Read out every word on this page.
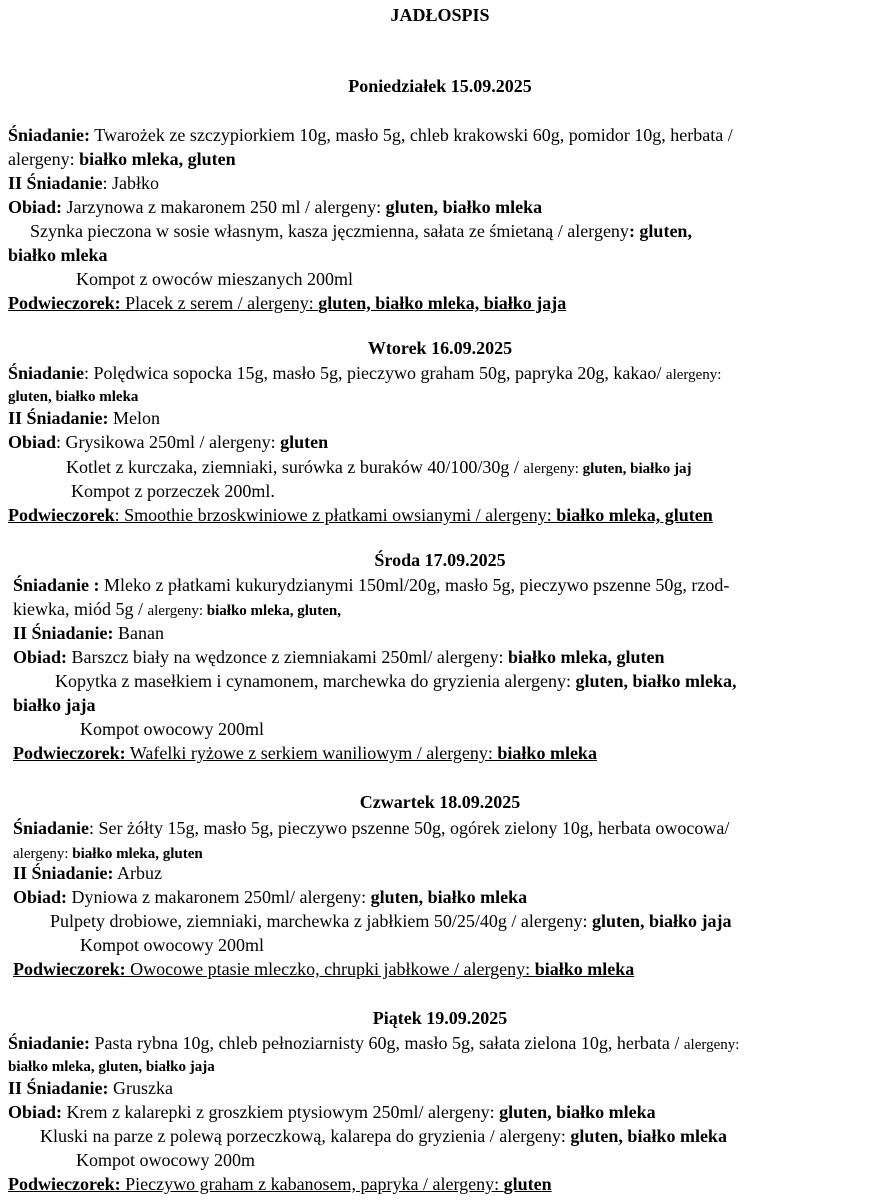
JADŁOSPIS
Poniedziałek 15.09.2025
Śniadanie: Twarożek ze szczypiorkiem 10g, masło 5g, chleb krakowski 60g, pomidor 10g, herbata /
alergeny: białko mleka, gluten
II Śniadanie: Jabłko
Obiad: Jarzynowa z makaronem 250 ml / alergeny: gluten, białko mleka
Szynka pieczona w sosie własnym, kasza jęczmienna, sałata ze śmietaną / alergeny: gluten,
białko mleka
Kompot z owoców mieszanych 200ml
Podwieczorek: Placek z serem / alergeny: gluten, białko mleka, białko jaja
Wtorek 16.09.2025
Śniadanie: Polędwica sopocka 15g, masło 5g, pieczywo graham 50g, papryka 20g, kakao/ alergeny:
gluten, białko mleka
II Śniadanie: Melon
Obiad: Grysikowa 250ml / alergeny: gluten
Kotlet z kurczaka, ziemniaki, surówka z buraków 40/100/30g / alergeny: gluten, białko jaj
Kompot z porzeczek 200ml.
Podwieczorek: Smoothie brzoskwiniowe z płatkami owsianymi / alergeny: białko mleka, gluten
Środa 17.09.2025
Śniadanie : Mleko z płatkami kukurydzianymi 150ml/20g, masło 5g, pieczywo pszenne 50g, rzod-
kiewka, miód 5g / alergeny: białko mleka, gluten,
II Śniadanie: Banan
Obiad: Barszcz biały na wędzonce z ziemniakami 250ml/ alergeny: białko mleka, gluten
Kopytka z masełkiem i cynamonem, marchewka do gryzienia alergeny: gluten, białko mleka,
białko jaja
Kompot owocowy 200ml
Podwieczorek: Wafelki ryżowe z serkiem waniliowym / alergeny: białko mleka
Czwartek 18.09.2025
Śniadanie: Ser żółty 15g, masło 5g, pieczywo pszenne 50g, ogórek zielony 10g, herbata owocowa/
alergeny: białko mleka, gluten
II Śniadanie: Arbuz
Obiad: Dyniowa z makaronem 250ml/ alergeny: gluten, białko mleka
Pulpety drobiowe, ziemniaki, marchewka z jabłkiem 50/25/40g / alergeny: gluten, białko jaja
Kompot owocowy 200ml
Podwieczorek: Owocowe ptasie mleczko, chrupki jabłkowe / alergeny: białko mleka
Piątek 19.09.2025
Śniadanie: Pasta rybna 10g, chleb pełnoziarnisty 60g, masło 5g, sałata zielona 10g, herbata / alergeny:
białko mleka, gluten, białko jaja
II Śniadanie: Gruszka
Obiad: Krem z kalarepki z groszkiem ptysiowym 250ml/ alergeny: gluten, białko mleka
Kluski na parze z polewą porzeczkową, kalarepa do gryzienia / alergeny: gluten, białko mleka
Kompot owocowy 200m
Podwieczorek: Pieczywo graham z kabanosem, papryka / alergeny: gluten
